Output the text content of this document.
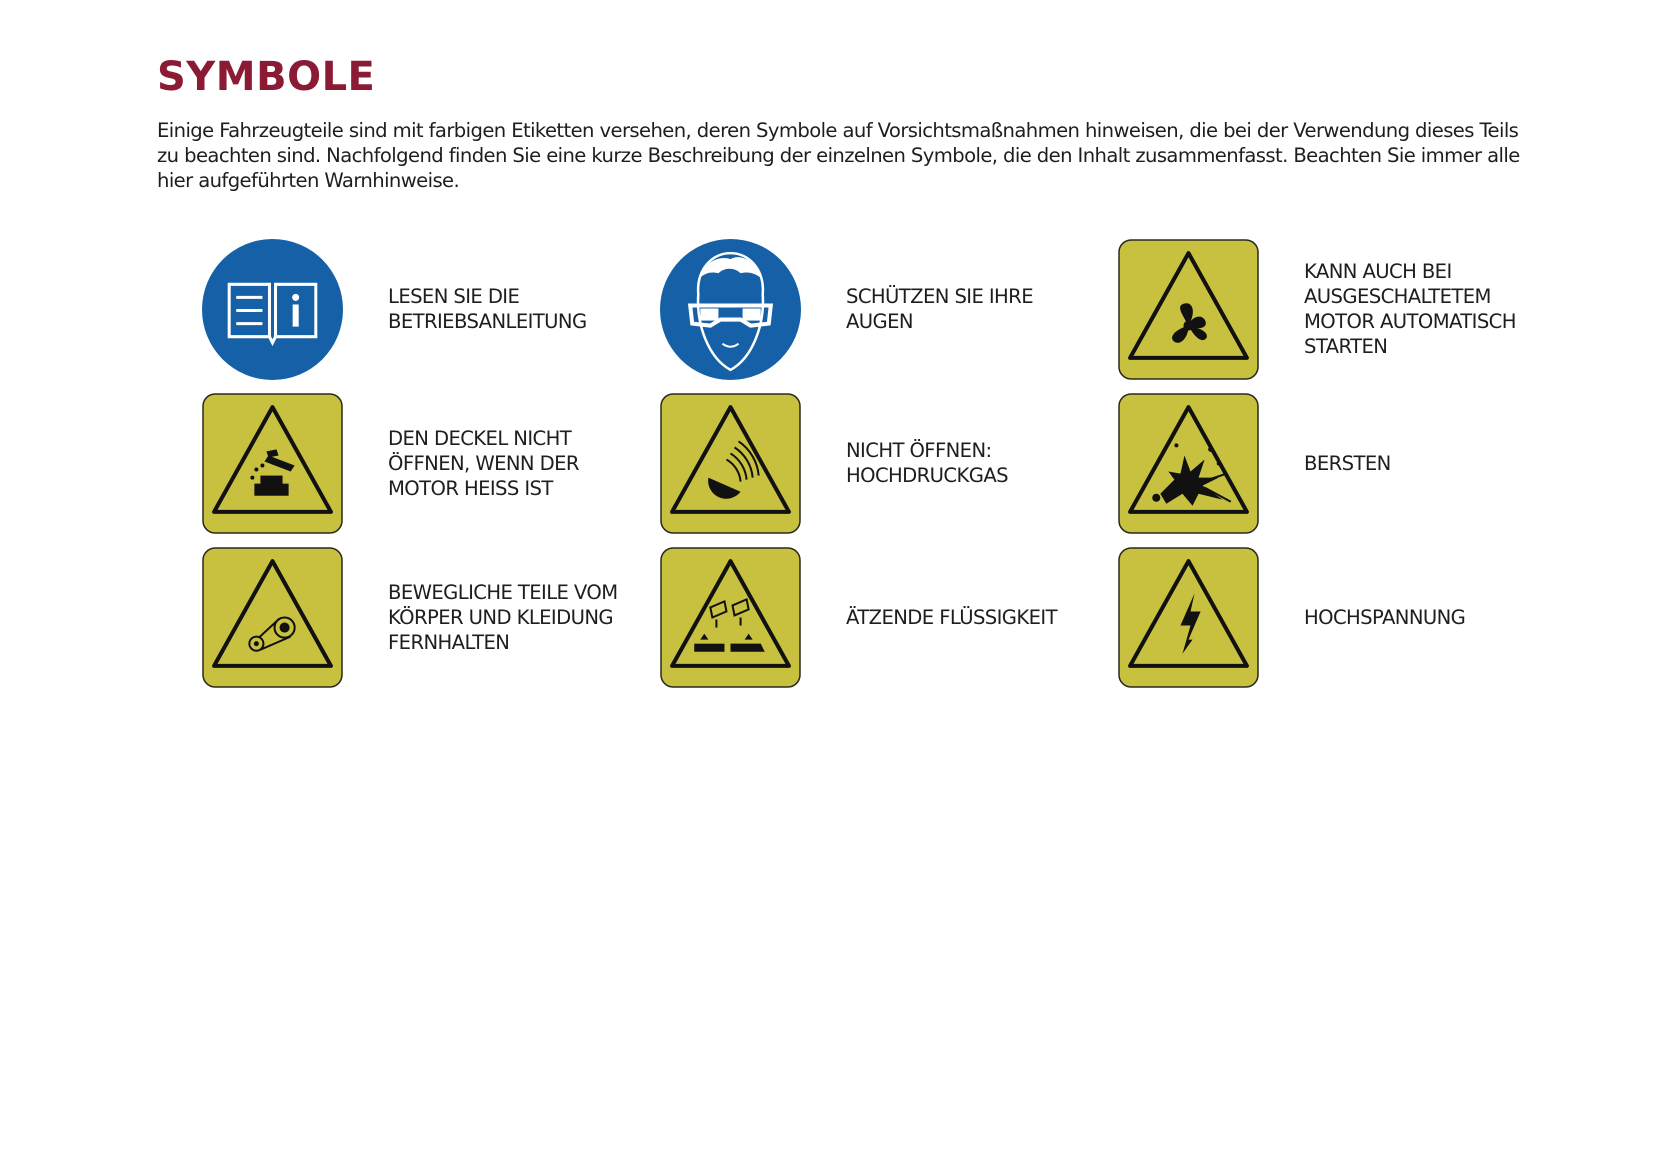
SYMBOLE

Einige Fahrzeugteile sind mit farbigen Etiketten versehen, deren Symbole auf Vorsichtsmaßnahmen hinweisen, die bei der Verwendung dieses Teils zu beachten sind. Nachfolgend finden Sie eine kurze Beschreibung der einzelnen Symbole, die den Inhalt zusammenfasst. Beachten Sie immer alle hier aufgeführten Warnhinweise.

LESEN SIE DIE
BETRIEBSANLEITUNG
SCHÜTZEN SIE IHRE
AUGEN
KANN AUCH BEI
AUSGESCHALTETEM
MOTOR AUTOMATISCH
STARTEN
DEN DECKEL NICHT
ÖFFNEN, WENN DER
MOTOR HEISS IST
NICHT ÖFFNEN:
HOCHDRUCKGAS
BERSTEN
BEWEGLICHE TEILE VOM
KÖRPER UND KLEIDUNG
FERNHALTEN
ÄTZENDE FLÜSSIGKEIT	HOCHSPANNUNG
